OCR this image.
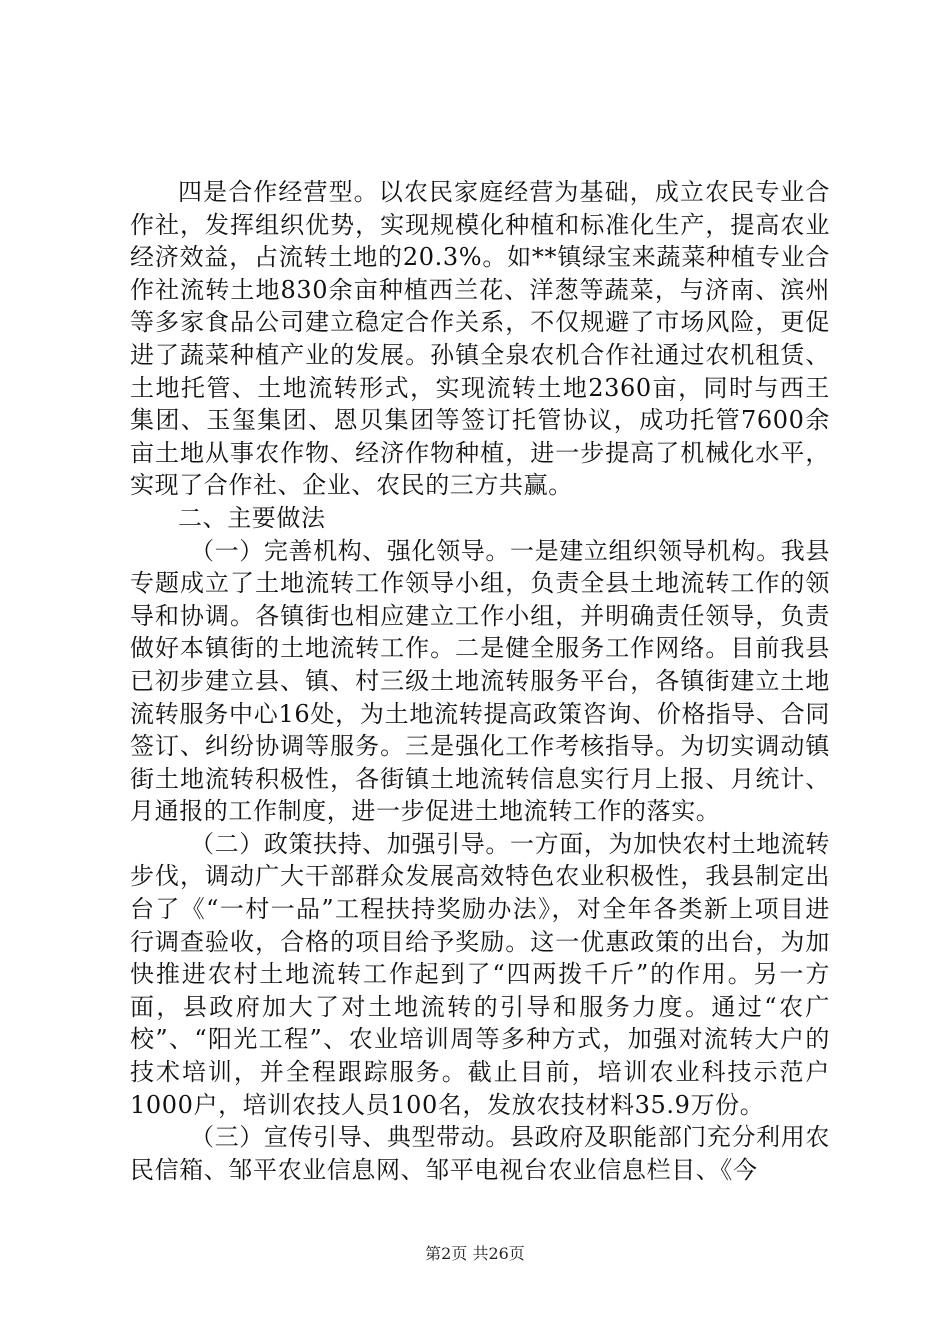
四是合作经营型。以农民家庭经营为基础，成立农民专业合作社，发挥组织优势，实现规模化种植和标准化生产，提高农业经济效益，占流转土地的20.3%。如**镇绿宝来蔬菜种植专业合作社流转土地830余亩种植西兰花、洋葱等蔬菜，与济南、滨州等多家食品公司建立稳定合作关系，不仅规避了市场风险，更促进了蔬菜种植产业的发展。孙镇全泉农机合作社通过农机租赁、土地托管、土地流转形式，实现流转土地2360亩，同时与西王集团、玉玺集团、恩贝集团等签订托管协议，成功托管7600余亩土地从事农作物、经济作物种植，进一步提高了机械化水平，实现了合作社、企业、农民的三方共赢。

二、主要做法

（一）完善机构、强化领导。一是建立组织领导机构。我县专题成立了土地流转工作领导小组，负责全县土地流转工作的领导和协调。各镇街也相应建立工作小组，并明确责任领导，负责做好本镇街的土地流转工作。二是健全服务工作网络。目前我县已初步建立县、镇、村三级土地流转服务平台，各镇街建立土地流转服务中心16处，为土地流转提高政策咨询、价格指导、合同签订、纠纷协调等服务。三是强化工作考核指导。为切实调动镇街土地流转积极性，各街镇土地流转信息实行月上报、月统计、月通报的工作制度，进一步促进土地流转工作的落实。

（二）政策扶持、加强引导。一方面，为加快农村土地流转步伐，调动广大干部群众发展高效特色农业积极性，我县制定出台了《“一村一品”工程扶持奖励办法》，对全年各类新上项目进行调查验收，合格的项目给予奖励。这一优惠政策的出台，为加快推进农村土地流转工作起到了“四两拨千斤”的作用。另一方面，县政府加大了对土地流转的引导和服务力度。通过“农广校”、“阳光工程”、农业培训周等多种方式，加强对流转大户的技术培训，并全程跟踪服务。截止目前，培训农业科技示范户1000户，培训农技人员100名，发放农技材料35.9万份。

（三）宣传引导、典型带动。县政府及职能部门充分利用农民信箱、邹平农业信息网、邹平电视台农业信息栏目、《今

第2页 共26页
